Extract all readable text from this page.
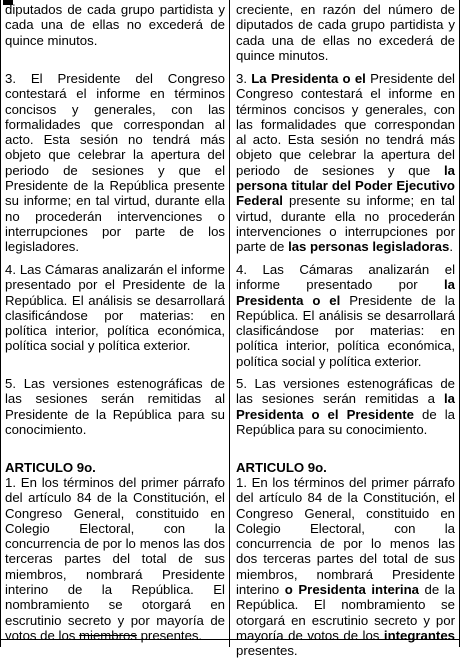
diputados de cada grupo partidista y cada una de ellas no excederá de quince minutos.

3. El Presidente del Congreso contestará el informe en términos concisos y generales, con las formalidades que correspondan al acto. Esta sesión no tendrá más objeto que celebrar la apertura del periodo de sesiones y que el Presidente de la República presente su informe; en tal virtud, durante ella no procederán intervenciones o interrupciones por parte de los legisladores.

4. Las Cámaras analizarán el informe presentado por el Presidente de la República. El análisis se desarrollará clasificándose por materias: en política interior, política económica, política social y política exterior.

5. Las versiones estenográficas de las sesiones serán remitidas al Presidente de la República para su conocimiento.

ARTICULO 9o.

1. En los términos del primer párrafo del artículo 84 de la Constitución, el Congreso General, constituido en Colegio Electoral, con la concurrencia de por lo menos las dos terceras partes del total de sus miembros, nombrará Presidente interino de la República. El nombramiento se otorgará en escrutinio secreto y por mayoría de votos de los miembros presentes.

creciente, en razón del número de diputados de cada grupo partidista y cada una de ellas no excederá de quince minutos.

3. La Presidenta o el Presidente del Congreso contestará el informe en términos concisos y generales, con las formalidades que correspondan al acto. Esta sesión no tendrá más objeto que celebrar la apertura del periodo de sesiones y que la persona titular del Poder Ejecutivo Federal presente su informe; en tal virtud, durante ella no procederán intervenciones o interrupciones por parte de las personas legisladoras.

4. Las Cámaras analizarán el informe presentado por la Presidenta o el Presidente de la República. El análisis se desarrollará clasificándose por materias: en política interior, política económica, política social y política exterior.

5. Las versiones estenográficas de las sesiones serán remitidas a la Presidenta o el Presidente de la República para su conocimiento.

ARTICULO 9o.

1. En los términos del primer párrafo del artículo 84 de la Constitución, el Congreso General, constituido en Colegio Electoral, con la concurrencia de por lo menos las dos terceras partes del total de sus miembros, nombrará Presidente interino o Presidenta interina de la República. El nombramiento se otorgará en escrutinio secreto y por mayoría de votos de los integrantes presentes.
